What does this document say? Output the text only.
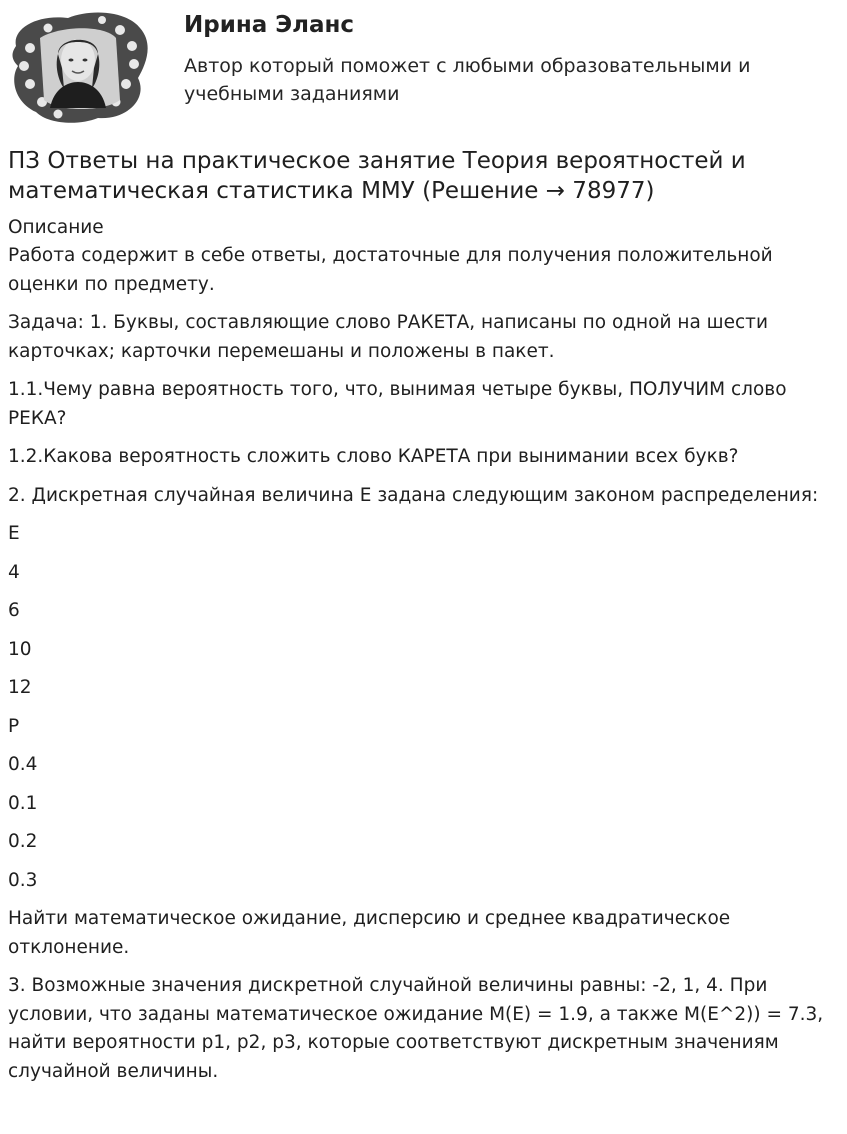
Ирина Эланс
Автор который поможет с любыми образовательными и учебными заданиями
ПЗ Ответы на практическое занятие Теория вероятностей и математическая статистика ММУ (Решение → 78977)
Описание

Работа содержит в себе ответы, достаточные для получения положительной оценки по предмету.

Задача: 1. Буквы, составляющие слово РАКЕТА, написаны по одной на шести карточках; карточки перемешаны и положены в пакет.

1.1.Чему равна вероятность того, что, вынимая четыре буквы, ПОЛУЧИМ слово РЕКА?

1.2.Какова вероятность сложить слово КАРЕТА при вынимании всех букв?

2. Дискретная случайная величина Е задана следующим законом распределения:

Е

4

6

10

12

Р

0.4

0.1

0.2

0.3

Найти математическое ожидание, дисперсию и среднее квадратическое отклонение.

3. Возможные значения дискретной случайной величины равны: -2, 1, 4. При условии, что заданы математическое ожидание М(Е) = 1.9, а также М(Е^2)) = 7.3, найти вероятности р1, р2, р3, которые соответствуют дискретным значениям случайной величины.
